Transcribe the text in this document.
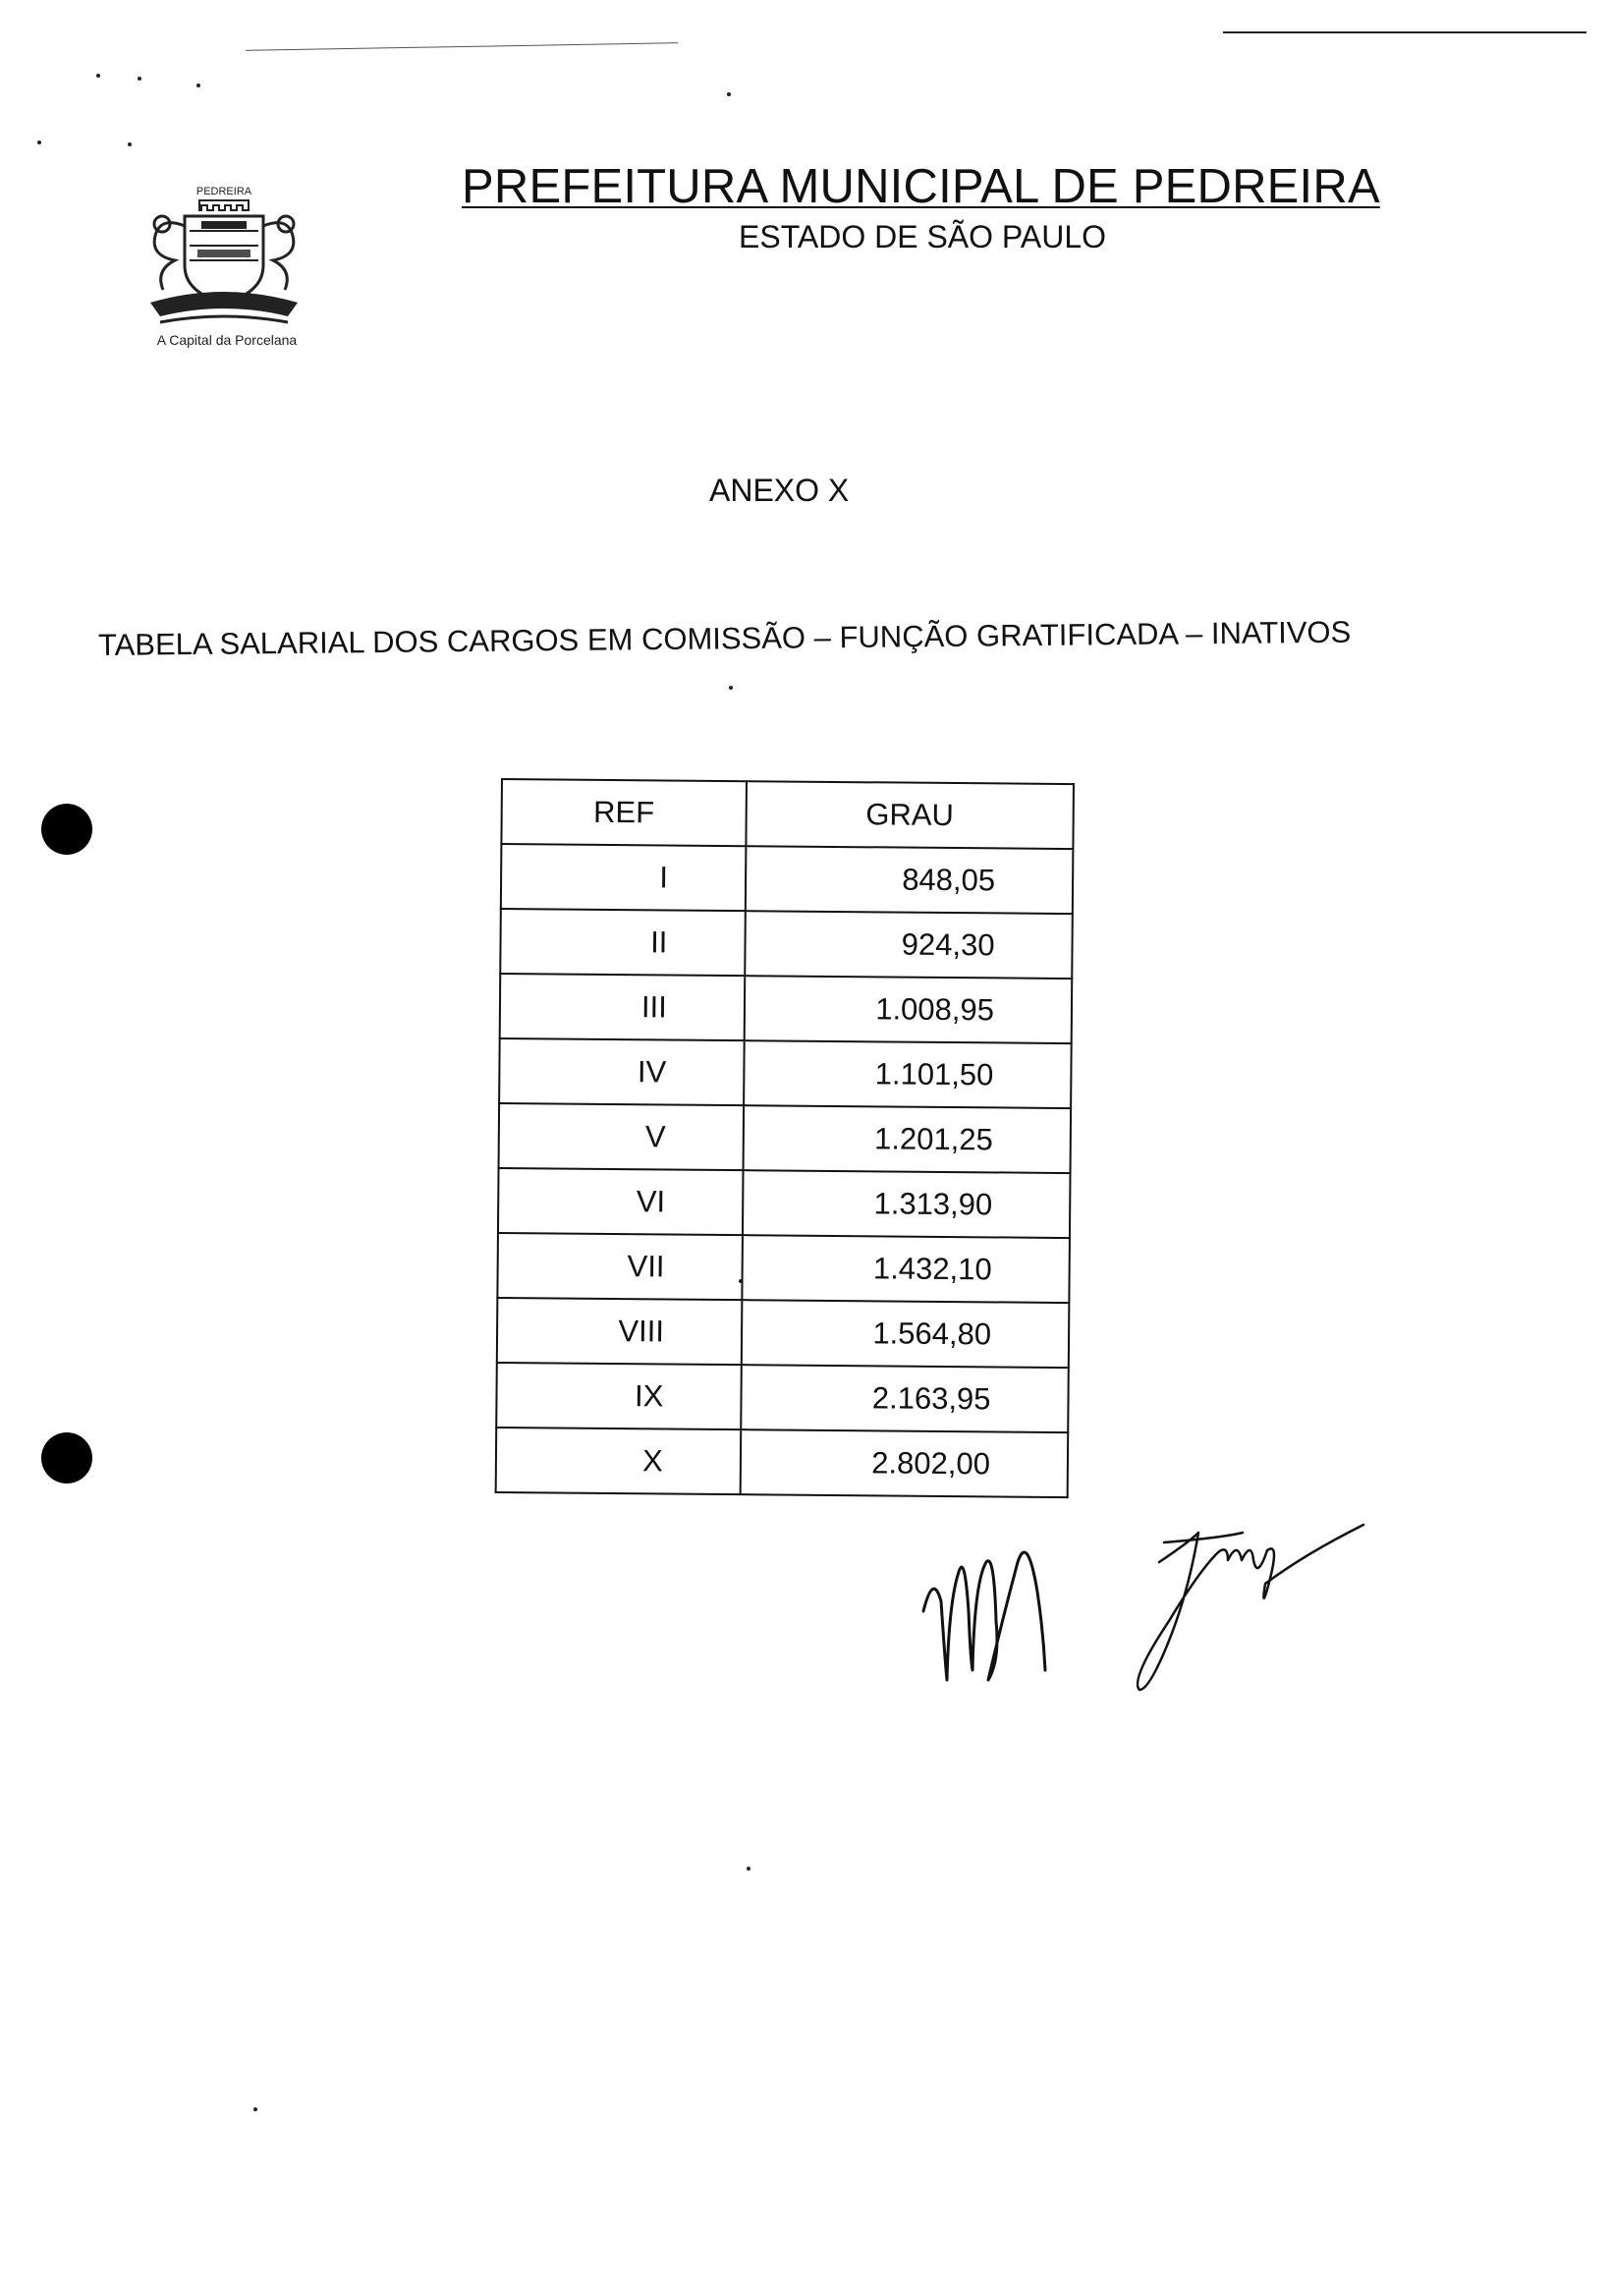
PEDREIRA
A Capital da Porcelana
PREFEITURA MUNICIPAL DE PEDREIRA
ESTADO DE SÃO PAULO
ANEXO X
TABELA SALARIAL DOS CARGOS EM COMISSÃO – FUNÇÃO GRATIFICADA – INATIVOS
REF	GRAU
I	848,05
II	924,30
III	1.008,95
IV	1.101,50
V	1.201,25
VI	1.313,90
VII	1.432,10
VIII	1.564,80
IX	2.163,95
X	2.802,00
